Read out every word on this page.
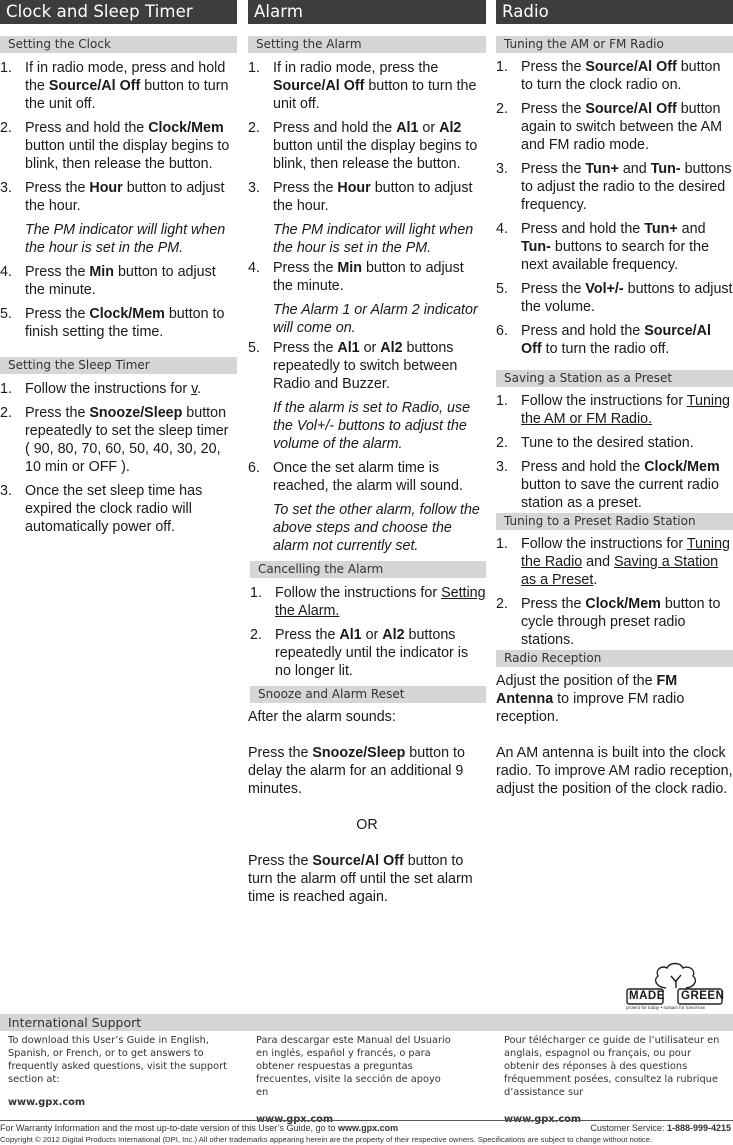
Clock and Sleep Timer
Setting the Clock
1. If in radio mode, press and hold the Source/Al Off button to turn the unit off.
2. Press and hold the Clock/Mem button until the display begins to blink, then release the button.
3. Press the Hour button to adjust the hour.
The PM indicator will light when the hour is set in the PM.
4. Press the Min button to adjust the minute.
5. Press the Clock/Mem button to finish setting the time.
Setting the Sleep Timer
1. Follow the instructions for v.
2. Press the Snooze/Sleep button repeatedly to set the sleep timer ( 90, 80, 70, 60, 50, 40, 30, 20, 10 min or OFF ).
3. Once the set sleep time has expired the clock radio will automatically power off.
Alarm
Setting the Alarm
1. If in radio mode, press the Source/Al Off button to turn the unit off.
2. Press and hold the Al1 or Al2 button until the display begins to blink, then release the button.
3. Press the Hour button to adjust the hour.
The PM indicator will light when the hour is set in the PM.
4. Press the Min button to adjust the minute.
The Alarm 1 or Alarm 2 indicator will come on.
5. Press the Al1 or Al2 buttons repeatedly to switch between Radio and Buzzer.
If the alarm is set to Radio, use the Vol+/- buttons to adjust the volume of the alarm.
6. Once the set alarm time is reached, the alarm will sound.
To set the other alarm, follow the above steps and choose the alarm not currently set.
Cancelling the Alarm
1. Follow the instructions for Setting the Alarm.
2. Press the Al1 or Al2 buttons repeatedly until the indicator is no longer lit.
Snooze and Alarm Reset
After the alarm sounds:
Press the Snooze/Sleep button to delay the alarm for an additional 9 minutes.
OR
Press the Source/Al Off button to turn the alarm off until the set alarm time is reached again.
Radio
Tuning the AM or FM Radio
1. Press the Source/Al Off button to turn the clock radio on.
2. Press the Source/Al Off button again to switch between the AM and FM radio mode.
3. Press the Tun+ and Tun- buttons to adjust the radio to the desired frequency.
4. Press and hold the Tun+ and Tun- buttons to search for the next available frequency.
5. Press the Vol+/- buttons to adjust the volume.
6. Press and hold the Source/Al Off to turn the radio off.
Saving a Station as a Preset
1. Follow the instructions for Tuning the AM or FM Radio.
2. Tune to the desired station.
3. Press and hold the Clock/Mem button to save the current radio station as a preset.
Tuning to a Preset Radio Station
1. Follow the instructions for Tuning the Radio and Saving a Station as a Preset.
2. Press the Clock/Mem button to cycle through preset radio stations.
Radio Reception
Adjust the position of the FM Antenna to improve FM radio reception.
An AM antenna is built into the clock radio. To improve AM radio reception, adjust the position of the clock radio.
MADE GREEN
protect for today • sustain for tomorrow
International Support
To download this User’s Guide in English, Spanish, or French, or to get answers to frequently asked questions, visit the support section at:
www.gpx.com
Para descargar este Manual del Usuario en inglés, español y francés, o para obtener respuestas a preguntas frecuentes, visite la sección de apoyo en
www.gpx.com
Pour télécharger ce guide de l’utilisateur en anglais, espagnol ou français, ou pour obtenir des réponses à des questions fréquemment posées, consultez la rubrique d’assistance sur
www.gpx.com
For Warranty Information and the most up-to-date version of this User’s Guide, go to www.gpx.com	Customer Service: 1-888-999-4215
Copyright © 2012 Digital Products International (DPI, Inc.) All other trademarks appearing herein are the property of their respective owners. Specifications are subject to change without notice.
